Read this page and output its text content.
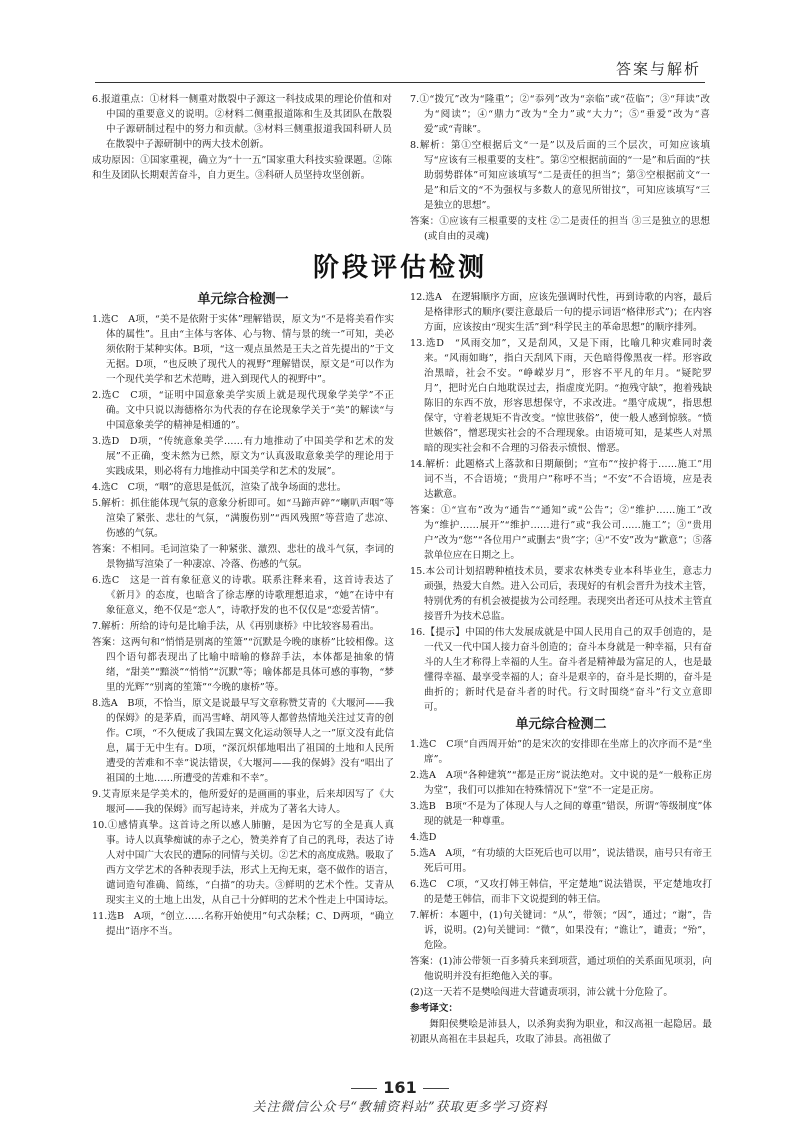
答案与解析

6.报道重点：①材料一侧重对散裂中子源这一科技成果的理论价值和对中国的重要意义的说明。②材料二侧重报道陈和生及其团队在散裂中子源研制过程中的努力和贡献。③材料三侧重报道我国科研人员在散裂中子源研制中的两大技术创新。

成功原因：①国家重视，确立为“十一五”国家重大科技实验课题。②陈和生及团队长期艰苦奋斗，自力更生。③科研人员坚持攻坚创新。

7.①“拨冗”改为“隆重”；②“忝列”改为“亲临”或“莅临”；③“拜读”改为“阅读”；④“鼎力”改为“全力”或“大力”；⑤“垂爱”改为“喜爱”或“青睐”。

8.解析：第①空根据后文“一是”以及后面的三个层次，可知应该填写“应该有三根重要的支柱”。第②空根据前面的“一是”和后面的“扶助弱势群体”可知应该填写“二是责任的担当”；第③空根据前文“一是”和后文的“不为强权与多数人的意见所钳抆”，可知应该填写“三是独立的思想”。

答案：①应该有三根重要的支柱 ②二是责任的担当 ③三是独立的思想(或自由的灵魂)

阶段评估检测
单元综合检测一

1.选C　A项，“美不是依附于实体”理解错误，原文为“不是将美看作实体的属性”。且由“主体与客体、心与物、情与景的统一”可知，美必须依附于某种实体。B项，“这一观点虽然是王夫之首先提出的”于文无据。D项，“也反映了现代人的视野”理解错误，原文是“可以作为一个现代美学和艺术范畴，进入到现代人的视野中”。

2.选C　C项，“证明中国意象美学实质上就是现代现象学美学”不正确。文中只说以海德格尔为代表的存在论现象学关于“美”的解读“与中国意象美学的精神是相通的”。

3.选D　D项，“传统意象美学……有力地推动了中国美学和艺术的发展”不正确，变未然为已然，原文为“认真汲取意象美学的理论用于实践成果，则必将有力地推动中国美学和艺术的发展”。

4.选C　C项，“咽”的意思是低沉，渲染了战争场面的悲壮。

5.解析：抓住能体现气氛的意象分析即可。如“马蹄声碎”“喇叭声咽”等渲染了紧张、悲壮的气氛，“满腹伤别”“西风残照”等营造了悲凉、伤感的气氛。

答案：不相同。毛词渲染了一种紧张、激烈、悲壮的战斗气氛，李词的景物描写渲染了一种凄凉、冷落、伤感的气氛。

6.选C　这是一首有象征意义的诗歌。联系注释来看，这首诗表达了《新月》的态度，也暗含了徐志摩的诗歌理想追求，“她”在诗中有象征意义，绝不仅是“恋人”，诗歌抒发的也不仅仅是“恋爱苦情”。

7.解析：所给的诗句是比喻手法，从《再别康桥》中比较容易看出。

答案：这两句和“悄悄是别离的笙箫”“沉默是今晚的康桥”比较相像。这四个语句都表现出了比喻中暗喻的修辞手法，本体都是抽象的情绪，“甜美”“黯淡”“悄悄”“沉默”等；喻体都是具体可感的事物，“梦里的光辉”“别离的笙箫”“今晚的康桥”等。

8.选A　B项，不恰当，原文是说最早写文章称赞艾青的《大堰河——我的保姆》的是茅盾，而冯雪峰、胡风等人都曾热情地关注过艾青的创作。C项，“不久便成了我国左翼文化运动领导人之一”原文没有此信息，属于无中生有。D项，“深沉炽郁地唱出了祖国的土地和人民所遭受的苦难和不幸”说法错误，《大堰河——我的保姆》没有“唱出了祖国的土地……所遭受的苦难和不幸”。

9.艾青原来是学美术的，他所爱好的是画画的事业，后来却因写了《大堰河——我的保姆》而写起诗来，并成为了著名大诗人。

10.①感情真挚。这首诗之所以感人肺腑，是因为它写的全是真人真事。诗人以真挚痴诚的赤子之心，赞美养育了自己的乳母，表达了诗人对中国广大农民的遭际的同情与关切。②艺术的高度成熟。吸取了西方文学艺术的各种表现手法，形式上无拘无束，毫不做作的语言，谴词造句准确、简练，“白描”的功夫。③鲜明的艺术个性。艾青从现实主义的土地上出发，从自己十分鲜明的艺术个性走上中国诗坛。

11.选B　A项，“创立……名称开始使用”句式杂糅；C、D两项，“确立提出”语序不当。

12.选A　在逻辑顺序方面，应该先强调时代性，再到诗歌的内容，最后是格律形式的顺序(要注意最后一句的提示词语“格律形式”)；在内容方面，应该按由“现实生活”到“科学民主的革命思想”的顺序排列。

13.选D　“风雨交加”，又是刮风，又是下雨，比喻几种灾难同时袭来。“风雨如晦”，指白天刮风下雨，天色暗得像黑夜一样。形容政治黑暗，社会不安。“峥嵘岁月”，形容不平凡的年月。“疑陀罗月”，把时光白白地耽误过去，指虚度光阴。“抱残守缺”，抱着残缺陈旧的东西不放，形容思想保守，不求改进。“墨守成规”，指思想保守，守着老规矩不肯改变。“惊世骇俗”，使一般人感到惊骇。“愤世嫉俗”，憎恶现实社会的不合理现象。由语境可知，是某些人对黑暗的现实社会和不合理的习俗表示愤恨、憎恶。

14.解析：此题格式上落款和日期颠倒；“宣布”“按护将于……施工”用词不当，不合语境；“贵用户”称呼不当；“不安”不合语境，应是表达歉意。

答案：①“宣布”改为“通告”“通知”或“公告”；②“维护……施工”改为“维护……展开”“维护……进行”或“我公司……施工”；③“贵用户”改为“您”“各位用户”或删去“贵”字；④“不安”改为“歉意”；⑤落款单位应在日期之上。

15.本公司计划招聘种植技术员，要求农林类专业本科毕业生，意志力顽强，热爱大自然。进入公司后，表现好的有机会晋升为技术主管，特别优秀的有机会被提拔为公司经理。表现突出者还可从技术主管直接晋升为技术总监。

16.【提示】中国的伟大发展成就是中国人民用自己的双手创造的，是一代又一代中国人接力奋斗创造的；奋斗本身就是一种幸福，只有奋斗的人生才称得上幸福的人生。奋斗者是精神最为富足的人，也是最懂得幸福、最享受幸福的人；奋斗是艰辛的，奋斗是长期的，奋斗是曲折的；新时代是奋斗者的时代。行文时围绕“奋斗”行文立意即可。

单元综合检测二

1.选C　C项“自西周开始”的是宋次的安排即在坐席上的次序而不是“坐席”。

2.选A　A项“各种建筑”“都是正房”说法绝对。文中说的是“一般称正房为堂”，我们可以推知在特殊情况下“堂”不一定是正房。

3.选B　B项“不是为了体现人与人之间的尊重”错误，所谓“等级制度”体现的就是一种尊重。

4.选D

5.选A　A项，“有功绩的大臣死后也可以用”，说法错误，庙号只有帝王死后可用。

6.选C　C项，“又攻打韩王韩信，平定楚地”说法错误，平定楚地攻打的是楚王韩信，而非下文说提到的韩王信。

7.解析：本题中，(1)句关键词：“从”，带领；“因”，通过；“谢”，告诉，说明。(2)句关键词：“微”，如果没有；“谯让”，谴责；“殆”，危险。

答案：(1)沛公带领一百多骑兵来到项营，通过项伯的关系面见项羽，向他说明并没有拒绝他入关的事。

(2)这一天若不是樊哙闯进大营谴责项羽，沛公就十分危险了。

参考译文：

舞阳侯樊哙是沛县人，以杀狗卖狗为职业，和汉高祖一起隐居。最初跟从高祖在丰县起兵，攻取了沛县。高祖做了

161
关注微信公众号“教辅资料站”获取更多学习资料
